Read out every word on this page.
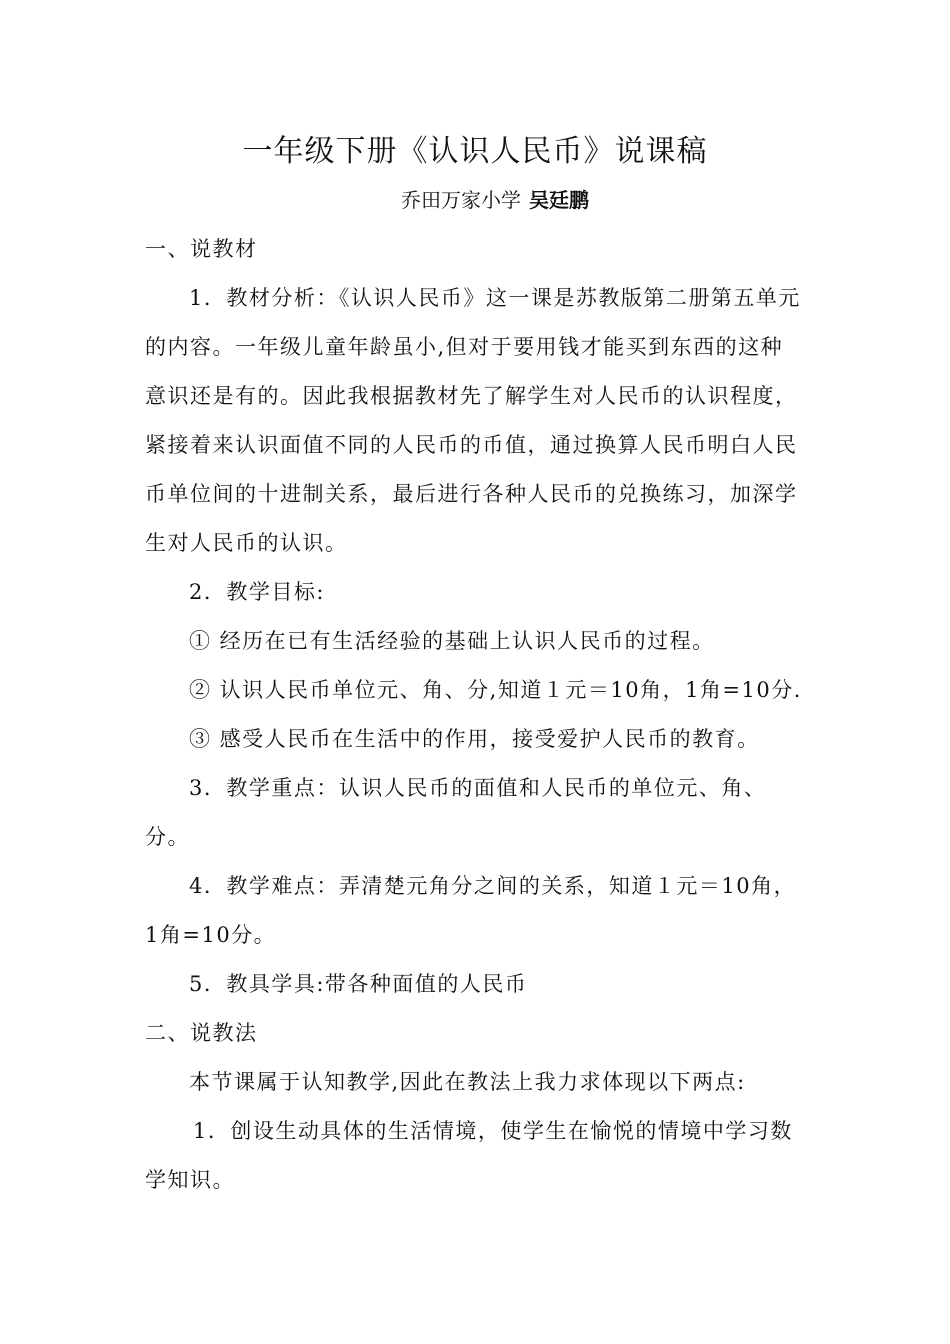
一年级下册《认识人民币》说课稿
乔田万家小学 吴廷鹏

一、说教材

1．教材分析：《认识人民币》这一课是苏教版第二册第五单元的内容。一年级儿童年龄虽小,但对于要用钱才能买到东西的这种意识还是有的。因此我根据教材先了解学生对人民币的认识程度，紧接着来认识面值不同的人民币的币值，通过换算人民币明白人民币单位间的十进制关系，最后进行各种人民币的兑换练习，加深学生对人民币的认识。

2．教学目标:

① 经历在已有生活经验的基础上认识人民币的过程。

② 认识人民币单位元、角、分,知道１元＝10角，1角=10分.

③ 感受人民币在生活中的作用，接受爱护人民币的教育。

3．教学重点：认识人民币的面值和人民币的单位元、角、分。

4．教学难点：弄清楚元角分之间的关系，知道１元＝10角，1角=10分。

5．教具学具:带各种面值的人民币

二、说教法

本节课属于认知教学,因此在教法上我力求体现以下两点:

1．创设生动具体的生活情境，使学生在愉悦的情境中学习数学知识。
